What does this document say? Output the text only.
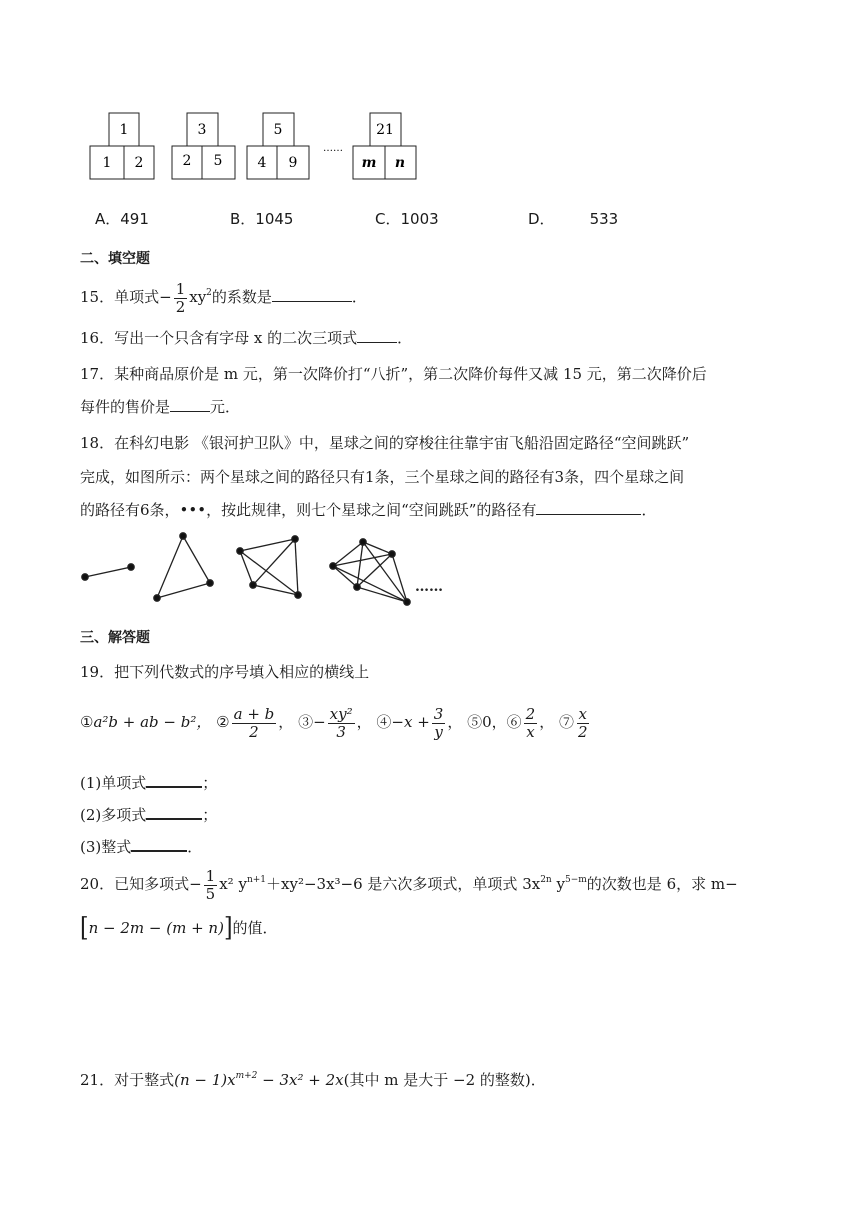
1
1 2
3
2 5
5
4 9
……
21
m n
A．491	B．1045	C．1003	D． 533
二、填空题
15．单项式− $\frac{1}{2} xy^2$的系数是	．
16．写出一个只含有字母 x 的二次三项式	．
17．某种商品原价是 m 元，第一次降价打“八折”，第二次降价每件又减 15 元，第二次降价后
每件的售价是	元．
18．在科幻电影 《银河护卫队》中，星球之间的穿梭往往靠宇宙飞船沿固定路径“空间跳跃”
完成，如图所示：两个星球之间的路径只有1条，三个星球之间的路径有3条，四个星球之间
的路径有6条，•••，按此规律，则七个星球之间“空间跳跃”的路径有	．
……
三、解答题
19．把下列代数式的序号填入相应的横线上
①a²b + ab − b²， ② $\frac{a + b}{2}$ ， ③− $\frac{\text{xy²}}{3}$ ， ④−x + $\frac{3}{y}$ ， ⑤0，⑥ $\frac{2}{x}$ ， ⑦ $\frac{x}{2}$
(1)单项式	；
(2)多项式	；
(3)整式	．
20．已知多项式− $\frac{1}{5} x^2$ $y^{n+1}+xy^2-3x^3-6$ 是六次多项式，单项式 $3x^{2n}$ $y^{5-m}$的次数也是 6，求 m−
[n − 2m − (m + n)]的值．
21．对于整式$(n - 1)x^{m+2} - 3x^2 + 2x$(其中 m 是大于 −2 的整数)．
